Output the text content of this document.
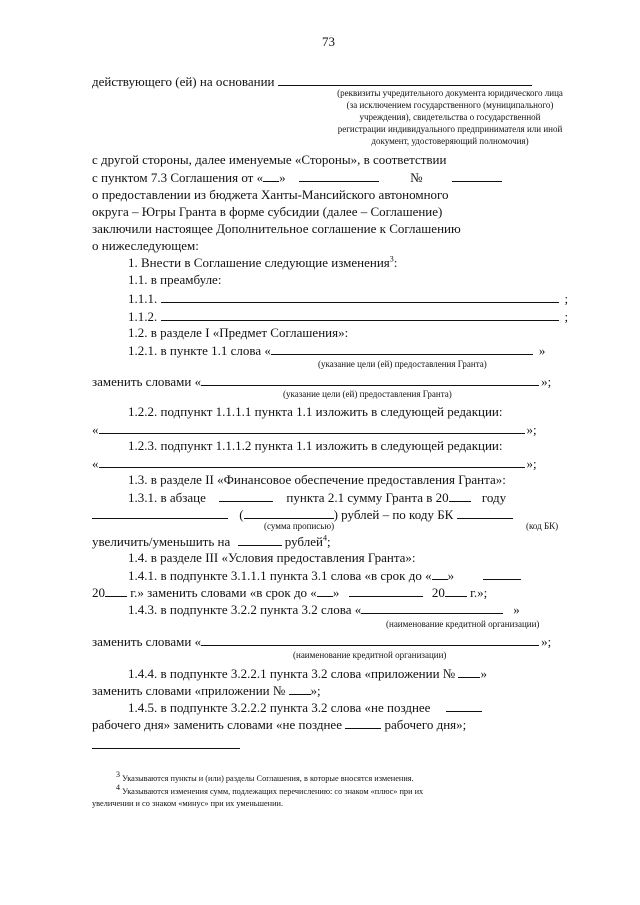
73
действующего (ей) на основании
(реквизиты учредительного документа юридического лица
(за исключением государственного (муниципального)
учреждения), свидетельства о государственной
регистрации индивидуального предпринимателя или иной
документ, удостоверяющий полномочия)
с другой стороны, далее именуемые «Стороны», в соответствии
с пунктом 7.3 Соглашения от « »	№
о предоставлении из бюджета Ханты-Мансийского автономного
округа – Югры Гранта в форме субсидии (далее – Соглашение)
заключили настоящее Дополнительное соглашение к Соглашению
о нижеследующем:
1. Внести в Соглашение следующие изменения$^3$:
1.1. в преамбуле:
1.1.1.	;
1.1.2.	;
1.2. в разделе I «Предмет Соглашения»:
1.2.1. в пункте 1.1 слова «	»
(указание цели (ей) предоставления Гранта)
заменить словами «	»;
(указание цели (ей) предоставления Гранта)
1.2.2. подпункт 1.1.1.1 пункта 1.1 изложить в следующей редакции:
«	»;
1.2.3. подпункт 1.1.1.2 пункта 1.1 изложить в следующей редакции:
«	»;
1.3. в разделе II «Финансовое обеспечение предоставления Гранта»:
1.3.1. в абзаце	пункта 2.1 сумму Гранта в 20	году
(	) рублей – по коду БК
(сумма прописью)	(код БК)
увеличить/уменьшить на	рублей$^4$;
1.4. в разделе III «Условия предоставления Гранта»:
1.4.1. в подпункте 3.1.1.1 пункта 3.1 слова «в срок до « »
20 г.» заменить словами «в срок до « »	20 г.»;
1.4.3. в подпункте 3.2.2 пункта 3.2 слова «	»
(наименование кредитной организации)
заменить словами «	»;
(наименование кредитной организации)
1.4.4. в подпункте 3.2.2.1 пункта 3.2 слова «приложении № »
заменить словами «приложении № »;
1.4.5. в подпункте 3.2.2.2 пункта 3.2 слова «не позднее
рабочего дня» заменить словами «не позднее	рабочего дня»;
$^3$ Указываются пункты и (или) разделы Соглашения, в которые вносятся изменения.
$^4$ Указываются изменения сумм, подлежащих перечислению: со знаком «плюс» при их
увеличении и со знаком «минус» при их уменьшении.
